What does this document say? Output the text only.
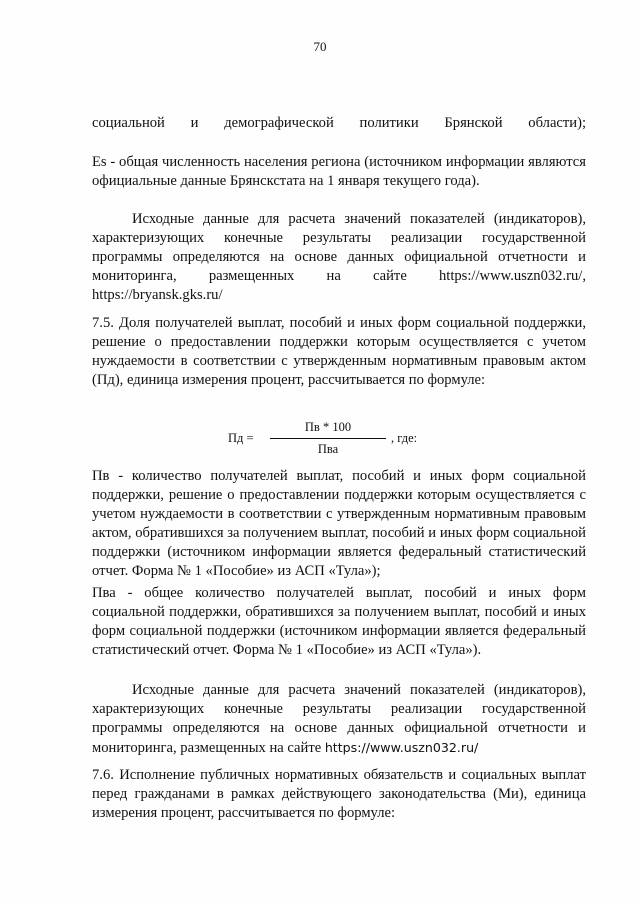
70

социальной и демографической политики Брянской области);

Es - общая численность населения региона (источником информации являются официальные данные Брянскстата на 1 января текущего года).

Исходные данные для расчета значений показателей (индикаторов), характеризующих конечные результаты реализации государственной программы определяются на основе данных официальной отчетности и мониторинга, размещенных на сайте https://www.uszn032.ru/, https://bryansk.gks.ru/

7.5. Доля получателей выплат, пособий и иных форм социальной поддержки, решение о предоставлении поддержки которым осуществляется с учетом нуждаемости в соответствии с утвержденным нормативным правовым актом (Пд), единица измерения процент, рассчитывается по формуле:

Пд =
Пв * 100
Пва
, где:

Пв - количество получателей выплат, пособий и иных форм социальной поддержки, решение о предоставлении поддержки которым осуществляется с учетом нуждаемости в соответствии с утвержденным нормативным правовым актом, обратившихся за получением выплат, пособий и иных форм социальной поддержки (источником информации является федеральный статистический отчет. Форма № 1 «Пособие» из АСП «Тула»);

Пва - общее количество получателей выплат, пособий и иных форм социальной поддержки, обратившихся за получением выплат, пособий и иных форм социальной поддержки (источником информации является федеральный статистический отчет. Форма № 1 «Пособие» из АСП «Тула»).

Исходные данные для расчета значений показателей (индикаторов), характеризующих конечные результаты реализации государственной программы определяются на основе данных официальной отчетности и мониторинга, размещенных на сайте https://www.uszn032.ru/

7.6. Исполнение публичных нормативных обязательств и социальных выплат перед гражданами в рамках действующего законодательства (Ми), единица измерения процент, рассчитывается по формуле:
